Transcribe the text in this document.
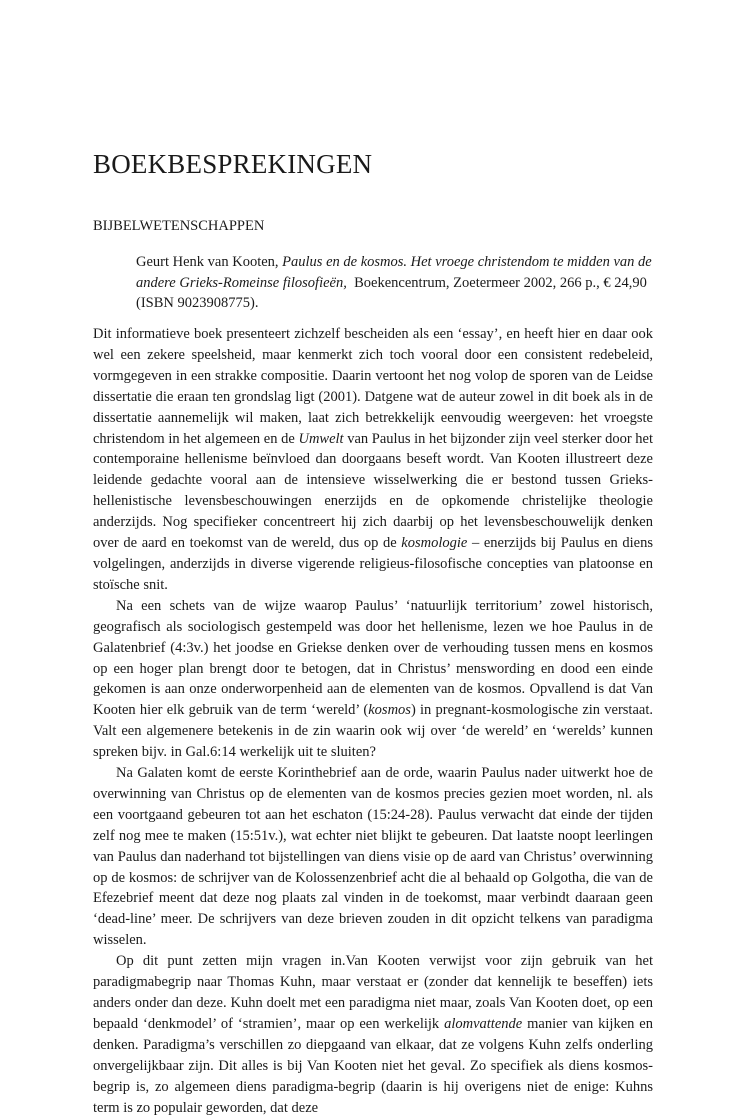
BOEKBESPREKINGEN
BIJBELWETENSCHAPPEN

Geurt Henk van Kooten, Paulus en de kosmos. Het vroege christendom te midden van de andere Grieks-Romeinse filosofieën, Boekencentrum, Zoetermeer 2002, 266 p., € 24,90 (ISBN 9023908775).

Dit informatieve boek presenteert zichzelf bescheiden als een ‘essay’, en heeft hier en daar ook wel een zekere speelsheid, maar kenmerkt zich toch vooral door een consistent redebeleid, vormgegeven in een strakke compositie. Daarin vertoont het nog volop de sporen van de Leidse dissertatie die eraan ten grondslag ligt (2001). Datgene wat de auteur zowel in dit boek als in de dissertatie aannemelijk wil maken, laat zich betrekkelijk eenvoudig weergeven: het vroegste christendom in het algemeen en de Umwelt van Paulus in het bijzonder zijn veel sterker door het contemporaine hellenisme beïnvloed dan doorgaans beseft wordt. Van Kooten illustreert deze leidende gedachte vooral aan de intensieve wisselwerking die er bestond tussen Grieks-hellenistische levensbeschouwingen enerzijds en de opkomende christelijke theologie anderzijds. Nog specifieker concentreert hij zich daarbij op het levensbeschouwelijk denken over de aard en toekomst van de wereld, dus op de kosmologie – enerzijds bij Paulus en diens volgelingen, anderzijds in diverse vigerende religieus-filosofische concepties van platoonse en stoïsche snit.

Na een schets van de wijze waarop Paulus’ ‘natuurlijk territorium’ zowel historisch, geografisch als sociologisch gestempeld was door het hellenisme, lezen we hoe Paulus in de Galatenbrief (4:3v.) het joodse en Griekse denken over de verhouding tussen mens en kosmos op een hoger plan brengt door te betogen, dat in Christus’ menswording en dood een einde gekomen is aan onze onderworpenheid aan de elementen van de kosmos. Opvallend is dat Van Kooten hier elk gebruik van de term ‘wereld’ (kosmos) in pregnant-kosmologische zin verstaat. Valt een algemenere betekenis in de zin waarin ook wij over ‘de wereld’ en ‘werelds’ kunnen spreken bijv. in Gal.6:14 werkelijk uit te sluiten?

Na Galaten komt de eerste Korinthebrief aan de orde, waarin Paulus nader uitwerkt hoe de overwinning van Christus op de elementen van de kosmos precies gezien moet worden, nl. als een voortgaand gebeuren tot aan het eschaton (15:24-28). Paulus verwacht dat einde der tijden zelf nog mee te maken (15:51v.), wat echter niet blijkt te gebeuren. Dat laatste noopt leerlingen van Paulus dan naderhand tot bijstellingen van diens visie op de aard van Christus’ overwinning op de kosmos: de schrijver van de Kolossenzenbrief acht die al behaald op Golgotha, die van de Efezebrief meent dat deze nog plaats zal vinden in de toekomst, maar verbindt daaraan geen ‘dead-line’ meer. De schrijvers van deze brieven zouden in dit opzicht telkens van paradigma wisselen.

Op dit punt zetten mijn vragen in.Van Kooten verwijst voor zijn gebruik van het paradigmabegrip naar Thomas Kuhn, maar verstaat er (zonder dat kennelijk te beseffen) iets anders onder dan deze. Kuhn doelt met een paradigma niet maar, zoals Van Kooten doet, op een bepaald ‘denkmodel’ of ‘stramien’, maar op een werkelijk alomvattende manier van kijken en denken. Paradigma’s verschillen zo diepgaand van elkaar, dat ze volgens Kuhn zelfs onderling onvergelijkbaar zijn. Dit alles is bij Van Kooten niet het geval. Zo specifiek als diens kosmos-begrip is, zo algemeen diens paradigma-begrip (daarin is hij overigens niet de enige: Kuhns term is zo populair geworden, dat deze
